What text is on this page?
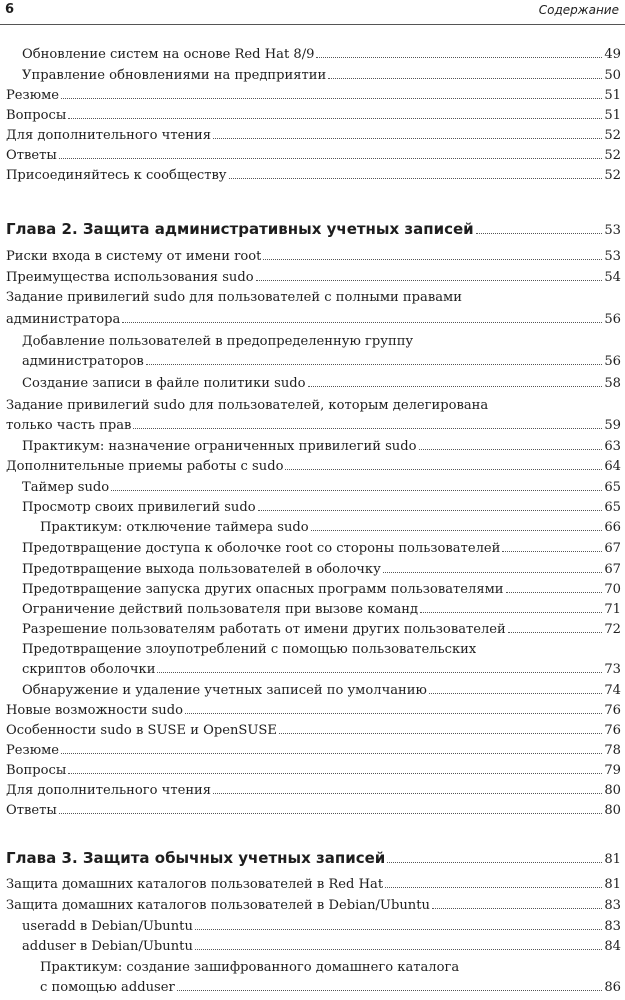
6	Содержание
Обновление систем на основе Red Hat 8/9	49
Управление обновлениями на предприятии	50
Резюме	51
Вопросы	51
Для дополнительного чтения	52
Ответы	52
Присоединяйтесь к сообществу	52
Глава 2. Защита административных учетных записей	53
Риски входа в систему от имени root	53
Преимущества использования sudo	54
Задание привилегий sudo для пользователей с полными правами
администратора	56
Добавление пользователей в предопределенную группу
администраторов	56
Создание записи в файле политики sudo	58
Задание привилегий sudo для пользователей, которым делегирована
только часть прав	59
Практикум: назначение ограниченных привилегий sudo	63
Дополнительные приемы работы с sudo	64
Таймер sudo	65
Просмотр своих привилегий sudo	65
Практикум: отключение таймера sudo	66
Предотвращение доступа к оболочке root со стороны пользователей	67
Предотвращение выхода пользователей в оболочку	67
Предотвращение запуска других опасных программ пользователями	70
Ограничение действий пользователя при вызове команд	71
Разрешение пользователям работать от имени других пользователей	72
Предотвращение злоупотреблений с помощью пользовательских
скриптов оболочки	73
Обнаружение и удаление учетных записей по умолчанию	74
Новые возможности sudo	76
Особенности sudo в SUSE и OpenSUSE	76
Резюме	78
Вопросы	79
Для дополнительного чтения	80
Ответы	80
Глава 3. Защита обычных учетных записей	81
Защита домашних каталогов пользователей в Red Hat	81
Защита домашних каталогов пользователей в Debian/Ubuntu	83
useradd в Debian/Ubuntu	83
adduser в Debian/Ubuntu	84
Практикум: создание зашифрованного домашнего каталога
с помощью adduser	86
